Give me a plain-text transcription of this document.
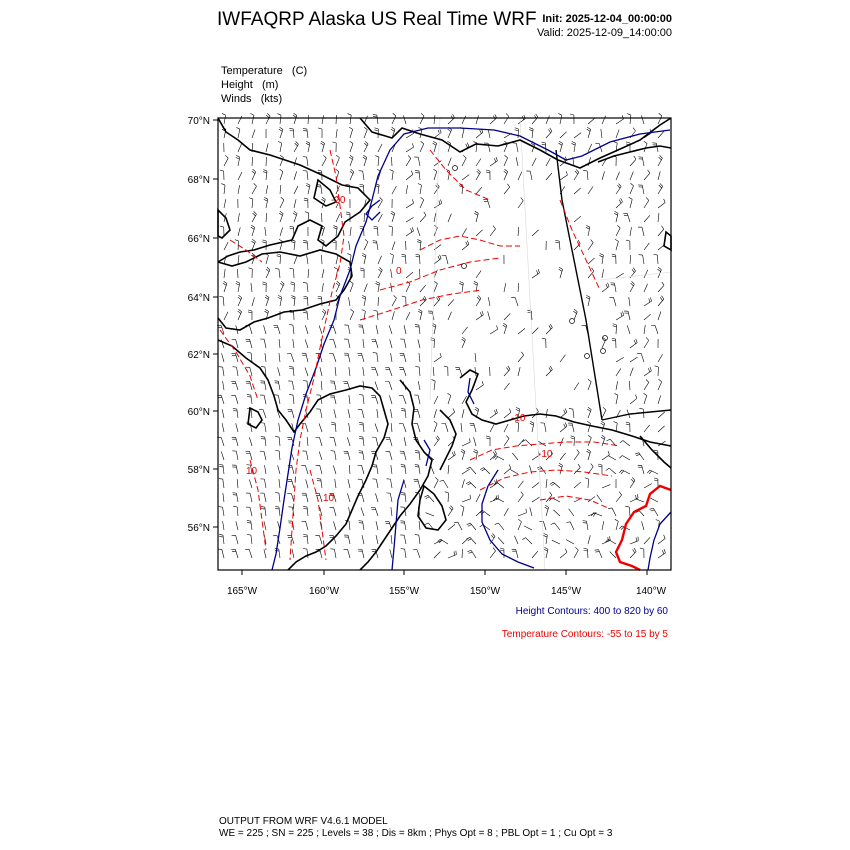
IWFAQRP Alaska US Real Time WRF Init: 2025-12-04_00:00:00
Valid: 2025-12-09_14:00:00
Temperature   (C)
Height   (m)
Winds   (kts)
-20
0
-10
-10
10
10
70°N
68°N
66°N
64°N
62°N
60°N
58°N
56°N
165°W	160°W	155°W	150°W	145°W	140°W
Height Contours: 400 to 820 by 60
Temperature Contours: -55 to 15 by 5
OUTPUT FROM WRF V4.6.1 MODEL
WE = 225 ; SN = 225 ; Levels = 38 ; Dis = 8km ; Phys Opt = 8 ; PBL Opt = 1 ; Cu Opt = 3
